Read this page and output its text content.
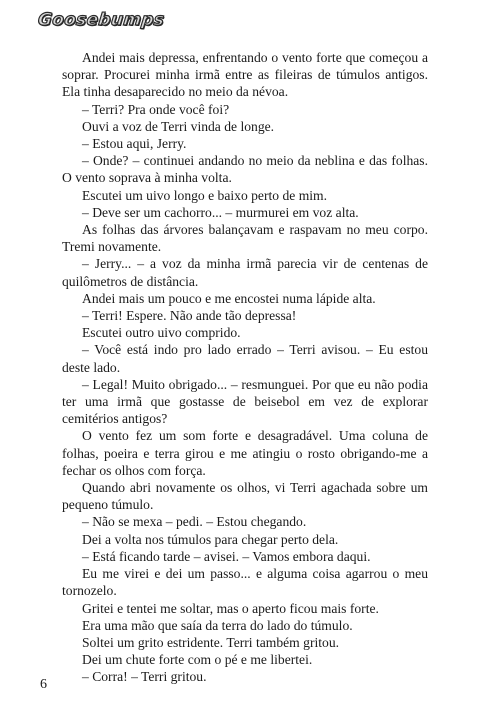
Goosebumps

Andei mais depressa, enfrentando o vento forte que começou a soprar. Procurei minha irmã entre as fileiras de túmulos antigos. Ela tinha desaparecido no meio da névoa.

– Terri? Pra onde você foi?

Ouvi a voz de Terri vinda de longe.

– Estou aqui, Jerry.

– Onde? – continuei andando no meio da neblina e das folhas. O vento soprava à minha volta.

Escutei um uivo longo e baixo perto de mim.

– Deve ser um cachorro... – murmurei em voz alta.

As folhas das árvores balançavam e raspavam no meu corpo. Tremi novamente.

– Jerry... – a voz da minha irmã parecia vir de centenas de quilômetros de distância.

Andei mais um pouco e me encostei numa lápide alta.

– Terri! Espere. Não ande tão depressa!

Escutei outro uivo comprido.

– Você está indo pro lado errado – Terri avisou. – Eu estou deste lado.

– Legal! Muito obrigado... – resmunguei. Por que eu não podia ter uma irmã que gostasse de beisebol em vez de explorar cemitérios antigos?

O vento fez um som forte e desagradável. Uma coluna de folhas, poeira e terra girou e me atingiu o rosto obrigando-me a fechar os olhos com força.

Quando abri novamente os olhos, vi Terri agachada sobre um pequeno túmulo.

– Não se mexa – pedi. – Estou chegando.

Dei a volta nos túmulos para chegar perto dela.

– Está ficando tarde – avisei. – Vamos embora daqui.

Eu me virei e dei um passo... e alguma coisa agarrou o meu tornozelo.

Gritei e tentei me soltar, mas o aperto ficou mais forte.

Era uma mão que saía da terra do lado do túmulo.

Soltei um grito estridente. Terri também gritou.

Dei um chute forte com o pé e me libertei.

– Corra! – Terri gritou.

6
